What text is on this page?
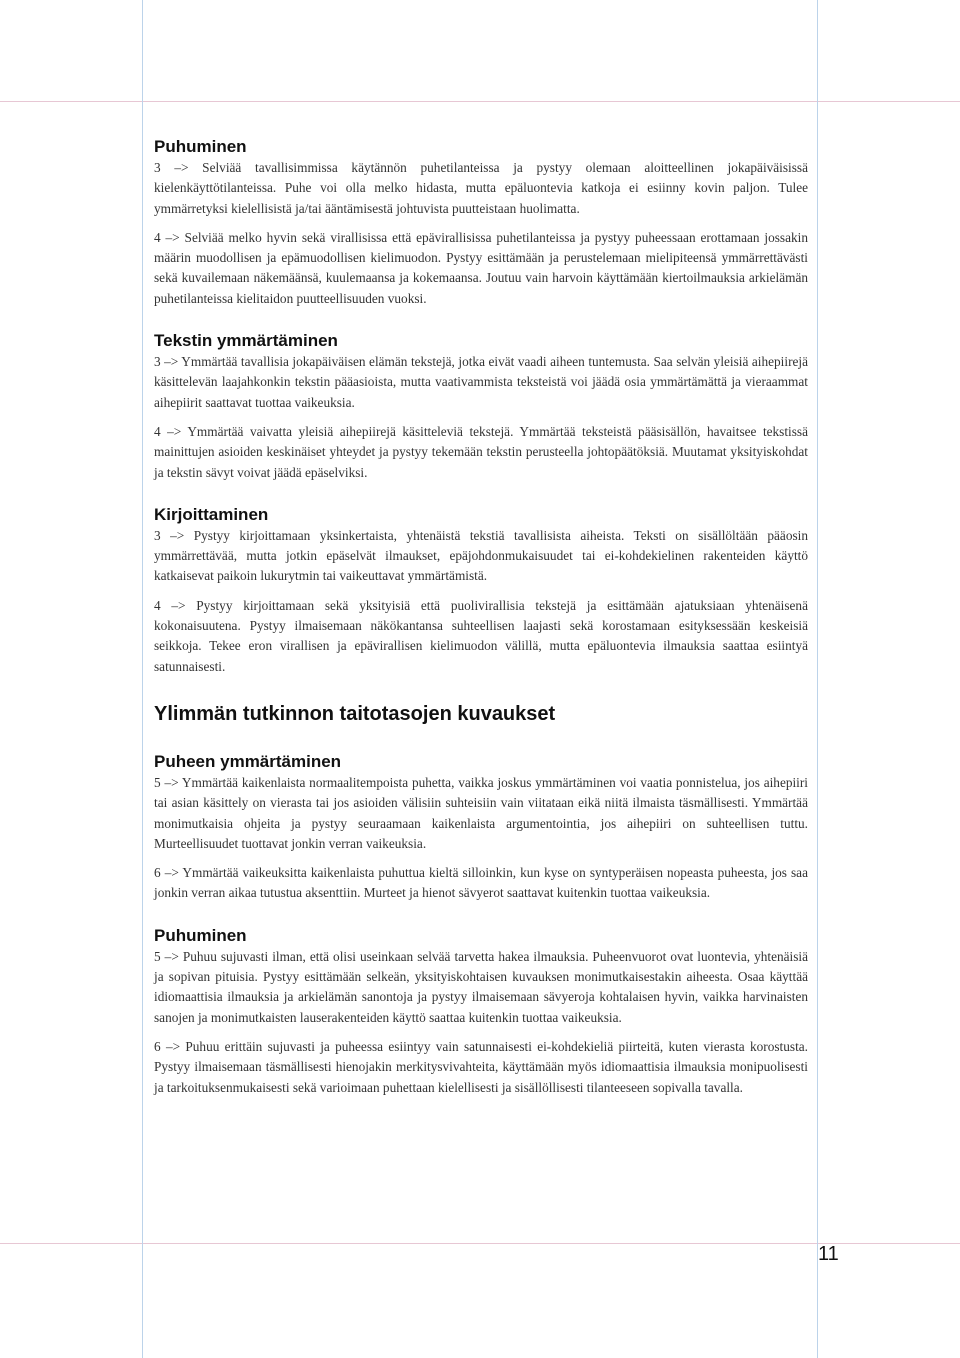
Puhuminen

3 –> Selviää tavallisimmissa käytännön puhetilanteissa ja pystyy olemaan aloitteellinen jokapäiväisissä kielenkäyttötilanteissa. Puhe voi olla melko hidasta, mutta epäluontevia katkoja ei esiinny kovin paljon. Tulee ymmärretyksi kielellisistä ja/tai ääntämisestä johtuvista puutteistaan huolimatta.

4 –> Selviää melko hyvin sekä virallisissa että epävirallisissa puhetilanteissa ja pystyy puheessaan erottamaan jossakin määrin muodollisen ja epämuodollisen kielimuodon. Pystyy esittämään ja perustelemaan mielipiteensä ymmärrettävästi sekä kuvailemaan näkemäänsä, kuulemaansa ja kokemaansa. Joutuu vain harvoin käyttämään kiertoilmauksia arkielämän puhetilanteissa kielitaidon puutteellisuuden vuoksi.

Tekstin ymmärtäminen

3 –> Ymmärtää tavallisia jokapäiväisen elämän tekstejä, jotka eivät vaadi aiheen tuntemusta. Saa selvän yleisiä aihepiirejä käsittelevän laajahkonkin tekstin pääasioista, mutta vaativammista teksteistä voi jäädä osia ymmärtämättä ja vieraammat aihepiirit saattavat tuottaa vaikeuksia.

4 –> Ymmärtää vaivatta yleisiä aihepiirejä käsitteleviä tekstejä. Ymmärtää teksteistä pääsisällön, havaitsee tekstissä mainittujen asioiden keskinäiset yhteydet ja pystyy tekemään tekstin perusteella johtopäätöksiä. Muutamat yksityiskohdat ja tekstin sävyt voivat jäädä epäselviksi.

Kirjoittaminen

3 –> Pystyy kirjoittamaan yksinkertaista, yhtenäistä tekstiä tavallisista aiheista. Teksti on sisällöltään pääosin ymmärrettävää, mutta jotkin epäselvät ilmaukset, epäjohdonmukaisuudet tai ei-kohdekielinen rakenteiden käyttö katkaisevat paikoin lukurytmin tai vaikeuttavat ymmärtämistä.

4 –> Pystyy kirjoittamaan sekä yksityisiä että puolivirallisia tekstejä ja esittämään ajatuksiaan yhtenäisenä kokonaisuutena. Pystyy ilmaisemaan näkökantansa suhteellisen laajasti sekä korostamaan esityksessään keskeisiä seikkoja. Tekee eron virallisen ja epävirallisen kielimuodon välillä, mutta epäluontevia ilmauksia saattaa esiintyä satunnaisesti.

Ylimmän tutkinnon taitotasojen kuvaukset
Puheen ymmärtäminen

5 –> Ymmärtää kaikenlaista normaalitempoista puhetta, vaikka joskus ymmärtäminen voi vaatia ponnistelua, jos aihepiiri tai asian käsittely on vierasta tai jos asioiden välisiin suhteisiin vain viitataan eikä niitä ilmaista täsmällisesti. Ymmärtää monimutkaisia ohjeita ja pystyy seuraamaan kaikenlaista argumentointia, jos aihepiiri on suhteellisen tuttu. Murteellisuudet tuottavat jonkin verran vaikeuksia.

6 –> Ymmärtää vaikeuksitta kaikenlaista puhuttua kieltä silloinkin, kun kyse on syntyperäisen nopeasta puheesta, jos saa jonkin verran aikaa tutustua aksenttiin. Murteet ja hienot sävyerot saattavat kuitenkin tuottaa vaikeuksia.

Puhuminen

5 –> Puhuu sujuvasti ilman, että olisi useinkaan selvää tarvetta hakea ilmauksia. Puheenvuorot ovat luontevia, yhtenäisiä ja sopivan pituisia. Pystyy esittämään selkeän, yksityiskohtaisen kuvauksen monimutkaisestakin aiheesta. Osaa käyttää idiomaattisia ilmauksia ja arkielämän sanontoja ja pystyy ilmaisemaan sävyeroja kohtalaisen hyvin, vaikka harvinaisten sanojen ja monimutkaisten lauserakenteiden käyttö saattaa kuitenkin tuottaa vaikeuksia.

6 –> Puhuu erittäin sujuvasti ja puheessa esiintyy vain satunnaisesti ei-kohdekieliä piirteitä, kuten vierasta korostusta. Pystyy ilmaisemaan täsmällisesti hienojakin merkitysvivahteita, käyttämään myös idiomaattisia ilmauksia monipuolisesti ja tarkoituksenmukaisesti sekä varioimaan puhettaan kielellisesti ja sisällöllisesti tilanteeseen sopivalla tavalla.

11
